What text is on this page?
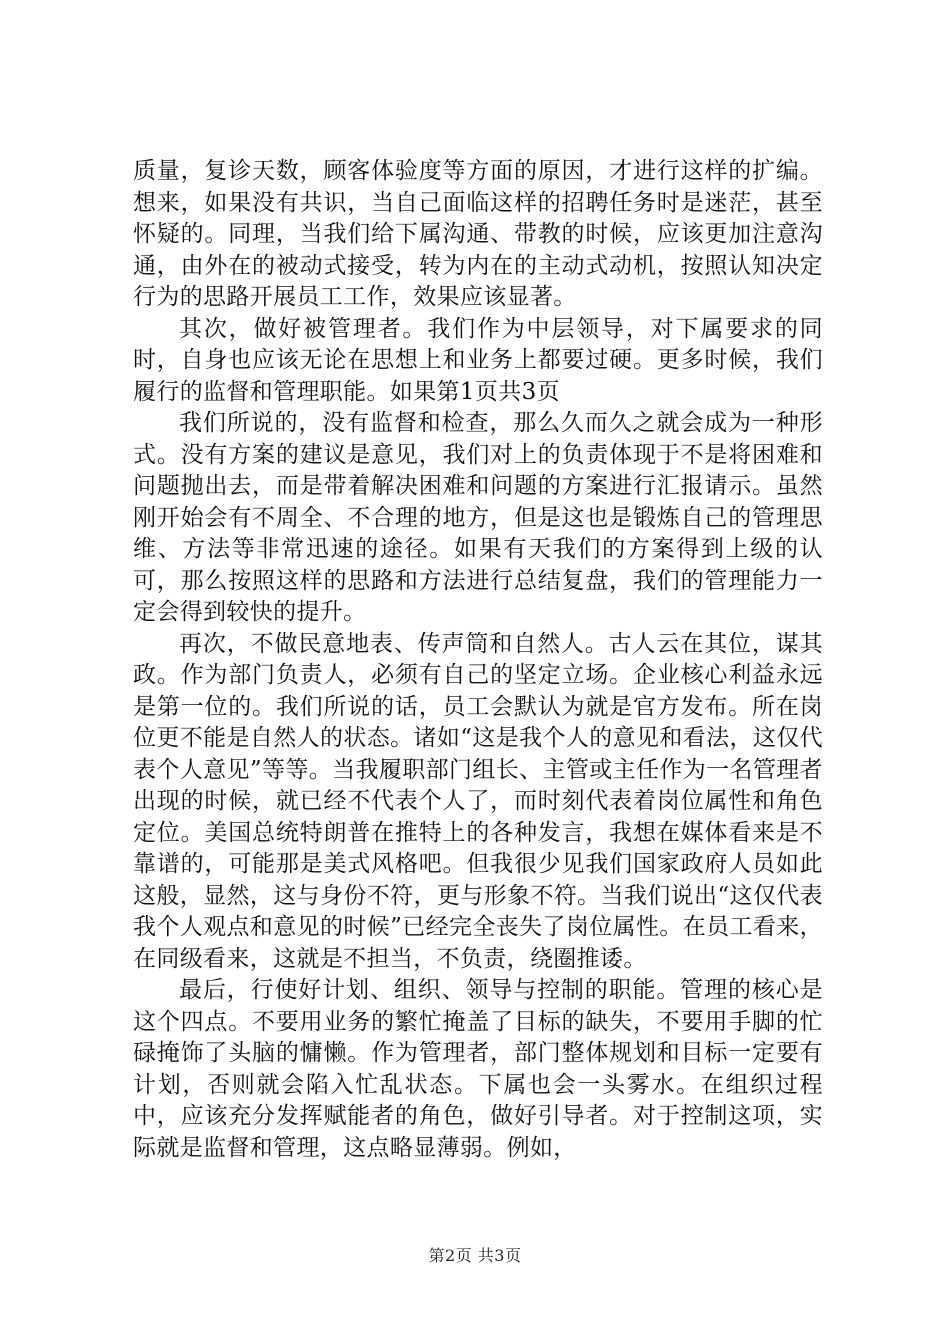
质量，复诊天数，顾客体验度等方面的原因，才进行这样的扩编。想来，如果没有共识，当自己面临这样的招聘任务时是迷茫，甚至怀疑的。同理，当我们给下属沟通、带教的时候，应该更加注意沟通，由外在的被动式接受，转为内在的主动式动机，按照认知决定行为的思路开展员工工作，效果应该显著。

其次，做好被管理者。我们作为中层领导，对下属要求的同时，自身也应该无论在思想上和业务上都要过硬。更多时候，我们履行的监督和管理职能。如果第1页共3页

我们所说的，没有监督和检查，那么久而久之就会成为一种形式。没有方案的建议是意见，我们对上的负责体现于不是将困难和问题抛出去，而是带着解决困难和问题的方案进行汇报请示。虽然刚开始会有不周全、不合理的地方，但是这也是锻炼自己的管理思维、方法等非常迅速的途径。如果有天我们的方案得到上级的认可，那么按照这样的思路和方法进行总结复盘，我们的管理能力一定会得到较快的提升。

再次，不做民意地表、传声筒和自然人。古人云在其位，谋其政。作为部门负责人，必须有自己的坚定立场。企业核心利益永远是第一位的。我们所说的话，员工会默认为就是官方发布。所在岗位更不能是自然人的状态。诸如“这是我个人的意见和看法，这仅代表个人意见”等等。当我履职部门组长、主管或主任作为一名管理者出现的时候，就已经不代表个人了，而时刻代表着岗位属性和角色定位。美国总统特朗普在推特上的各种发言，我想在媒体看来是不靠谱的，可能那是美式风格吧。但我很少见我们国家政府人员如此这般，显然，这与身份不符，更与形象不符。当我们说出“这仅代表我个人观点和意见的时候”已经完全丧失了岗位属性。在员工看来，在同级看来，这就是不担当，不负责，绕圈推诿。

最后，行使好计划、组织、领导与控制的职能。管理的核心是这个四点。不要用业务的繁忙掩盖了目标的缺失，不要用手脚的忙碌掩饰了头脑的慵懒。作为管理者，部门整体规划和目标一定要有计划，否则就会陷入忙乱状态。下属也会一头雾水。在组织过程中，应该充分发挥赋能者的角色，做好引导者。对于控制这项，实际就是监督和管理，这点略显薄弱。例如，

第2页 共3页
